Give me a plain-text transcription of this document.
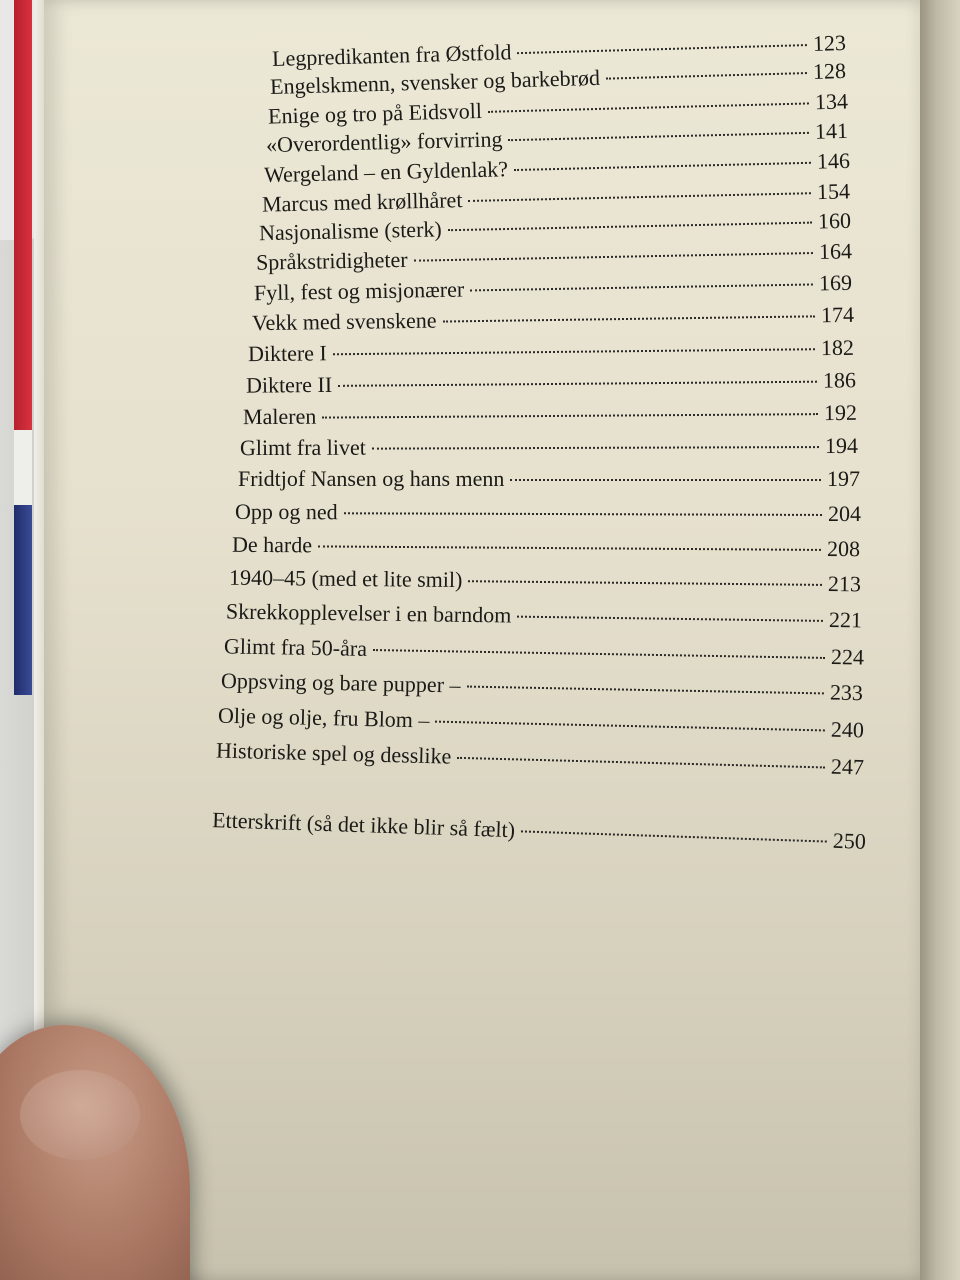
Legpredikanten fra Østfold	123
Engelskmenn, svensker og barkebrød	128
Enige og tro på Eidsvoll	134
«Overordentlig» forvirring	141
Wergeland – en Gyldenlak?	146
Marcus med krøllhåret	154
Nasjonalisme (sterk)	160
Språkstridigheter	164
Fyll, fest og misjonærer	169
Vekk med svenskene	174
Diktere I	182
Diktere II	186
Maleren	192
Glimt fra livet	194
Fridtjof Nansen og hans menn	197
Opp og ned	204
De harde	208
1940–45 (med et lite smil)	213
Skrekkopplevelser i en barndom	221
Glimt fra 50-åra	224
Oppsving og bare pupper –	233
Olje og olje, fru Blom –	240
Historiske spel og desslike	247
Etterskrift (så det ikke blir så fælt)	250
